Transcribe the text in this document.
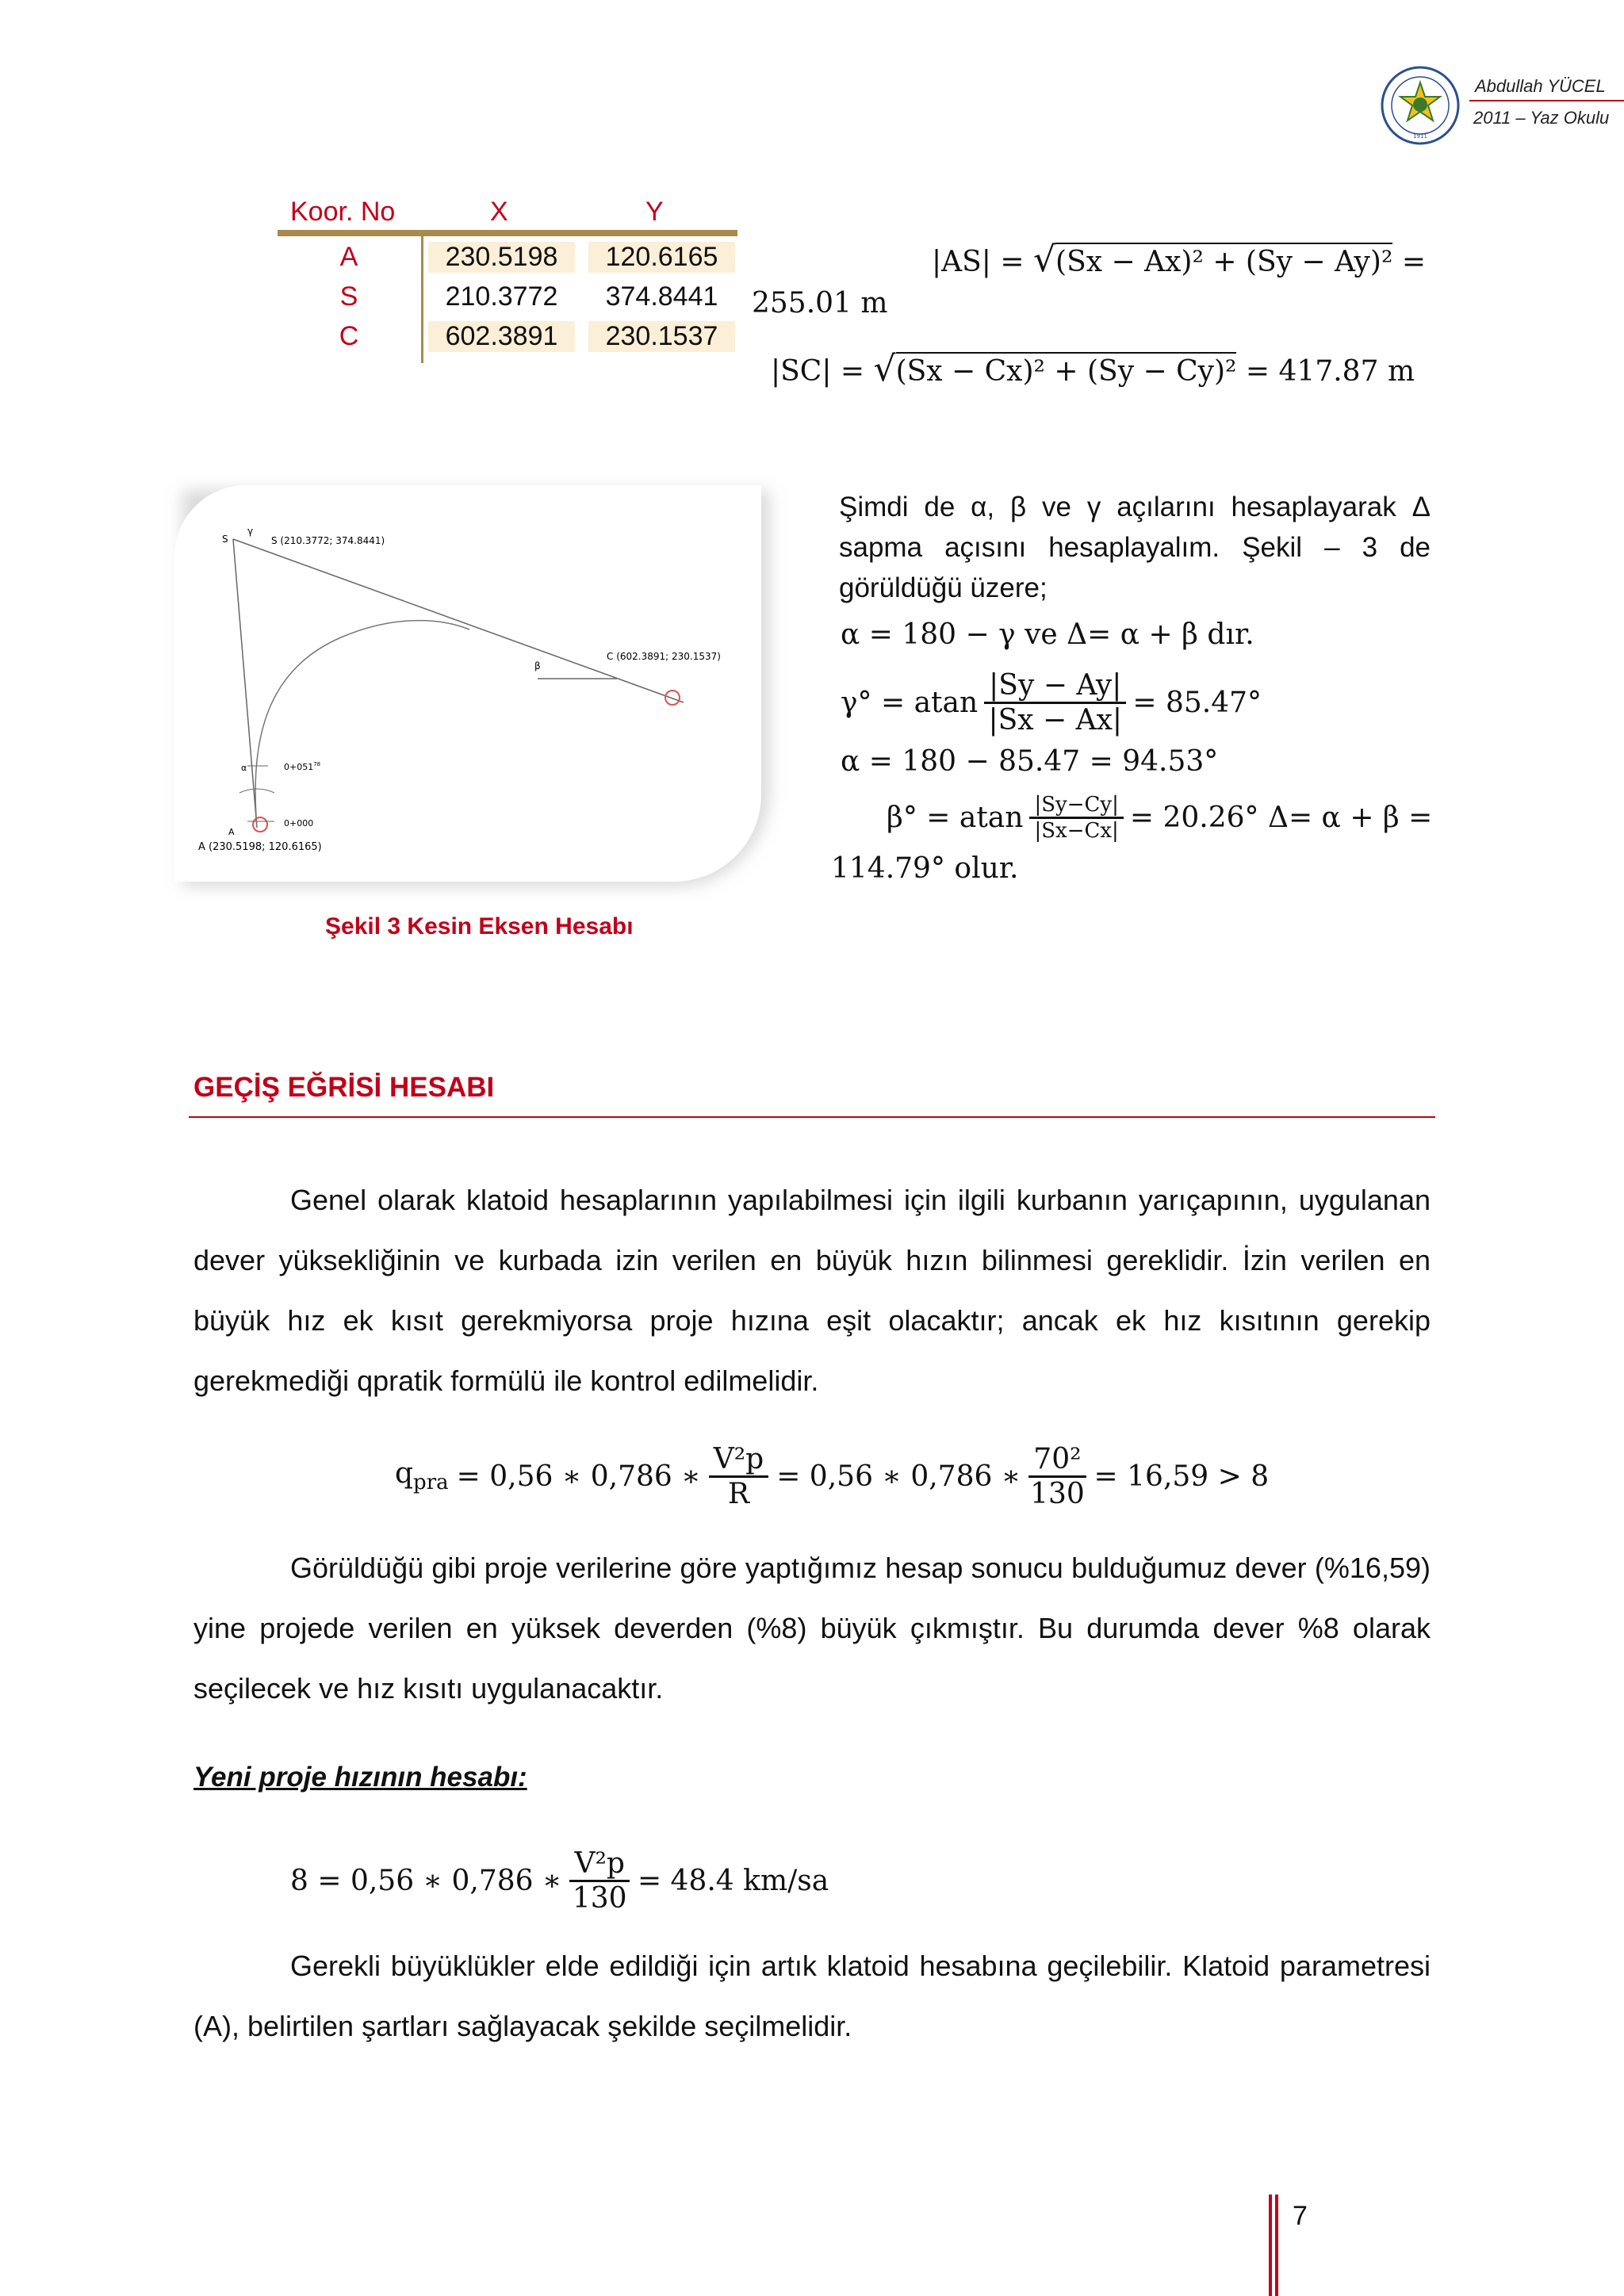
1911
Abdullah YÜCEL
2011 – Yaz Okulu
Koor. No	X	Y
A	230.5198	120.6165
S	210.3772	374.8441
C	602.3891	230.1537
|AS| = √(Sx − Ax)² + (Sy − Ay)² =
255.01 m
|SC| = √(Sx − Cx)² + (Sy − Cy)² = 417.87 m
S	S (210.3772; 374.8441)
C (602.3891; 230.1537)
β
γ
α	$0+051^{78}$
0+000
A
A (230.5198; 120.6165)
Şekil 3 Kesin Eksen Hesabı
Şimdi de α, β ve γ açılarını hesaplayarak Δ
sapma açısını hesaplayalım. Şekil – 3 de
görüldüğü üzere;
α = 180 − γ ve Δ= α + β dır.
γ° = atan $\frac{|Sy - Ay|}{|Sx - Ax|} = 85.47^\circ$
α = 180 − 85.47 = 94.53°
β° = atan $\frac{|Sy-Cy|}{|Sx-Cx|} = 20.26^\circ$ Δ= α + β =
114.79° olur.
GEÇİŞ EĞRİSİ HESABI
Genel olarak klatoid hesaplarının yapılabilmesi için ilgili kurbanın yarıçapının, uygulanan dever yüksekliğinin ve kurbada izin verilen en büyük hızın bilinmesi gereklidir. İzin verilen en büyük hız ek kısıt gerekmiyorsa proje hızına eşit olacaktır; ancak ek hız kısıtının gerekip gerekmediği qpratik formülü ile kontrol edilmelidir.
$q_{pra} = 0,56$ ∗ 0,786 ∗ $\frac{\text{V²p}}{R} = 0,56$ ∗ 0,786 ∗ $\frac{\text{70²}}{130} = 16,59 > 8$
Görüldüğü gibi proje verilerine göre yaptığımız hesap sonucu bulduğumuz dever (%16,59) yine projede verilen en yüksek deverden (%8) büyük çıkmıştır. Bu durumda dever %8 olarak seçilecek ve hız kısıtı uygulanacaktır.
Yeni proje hızının hesabı:
8 = 0,56 ∗ 0,786 ∗ $\frac{\text{V²p}}{130} = 48.4$ km/sa
Gerekli büyüklükler elde edildiği için artık klatoid hesabına geçilebilir. Klatoid parametresi (A), belirtilen şartları sağlayacak şekilde seçilmelidir.
7
